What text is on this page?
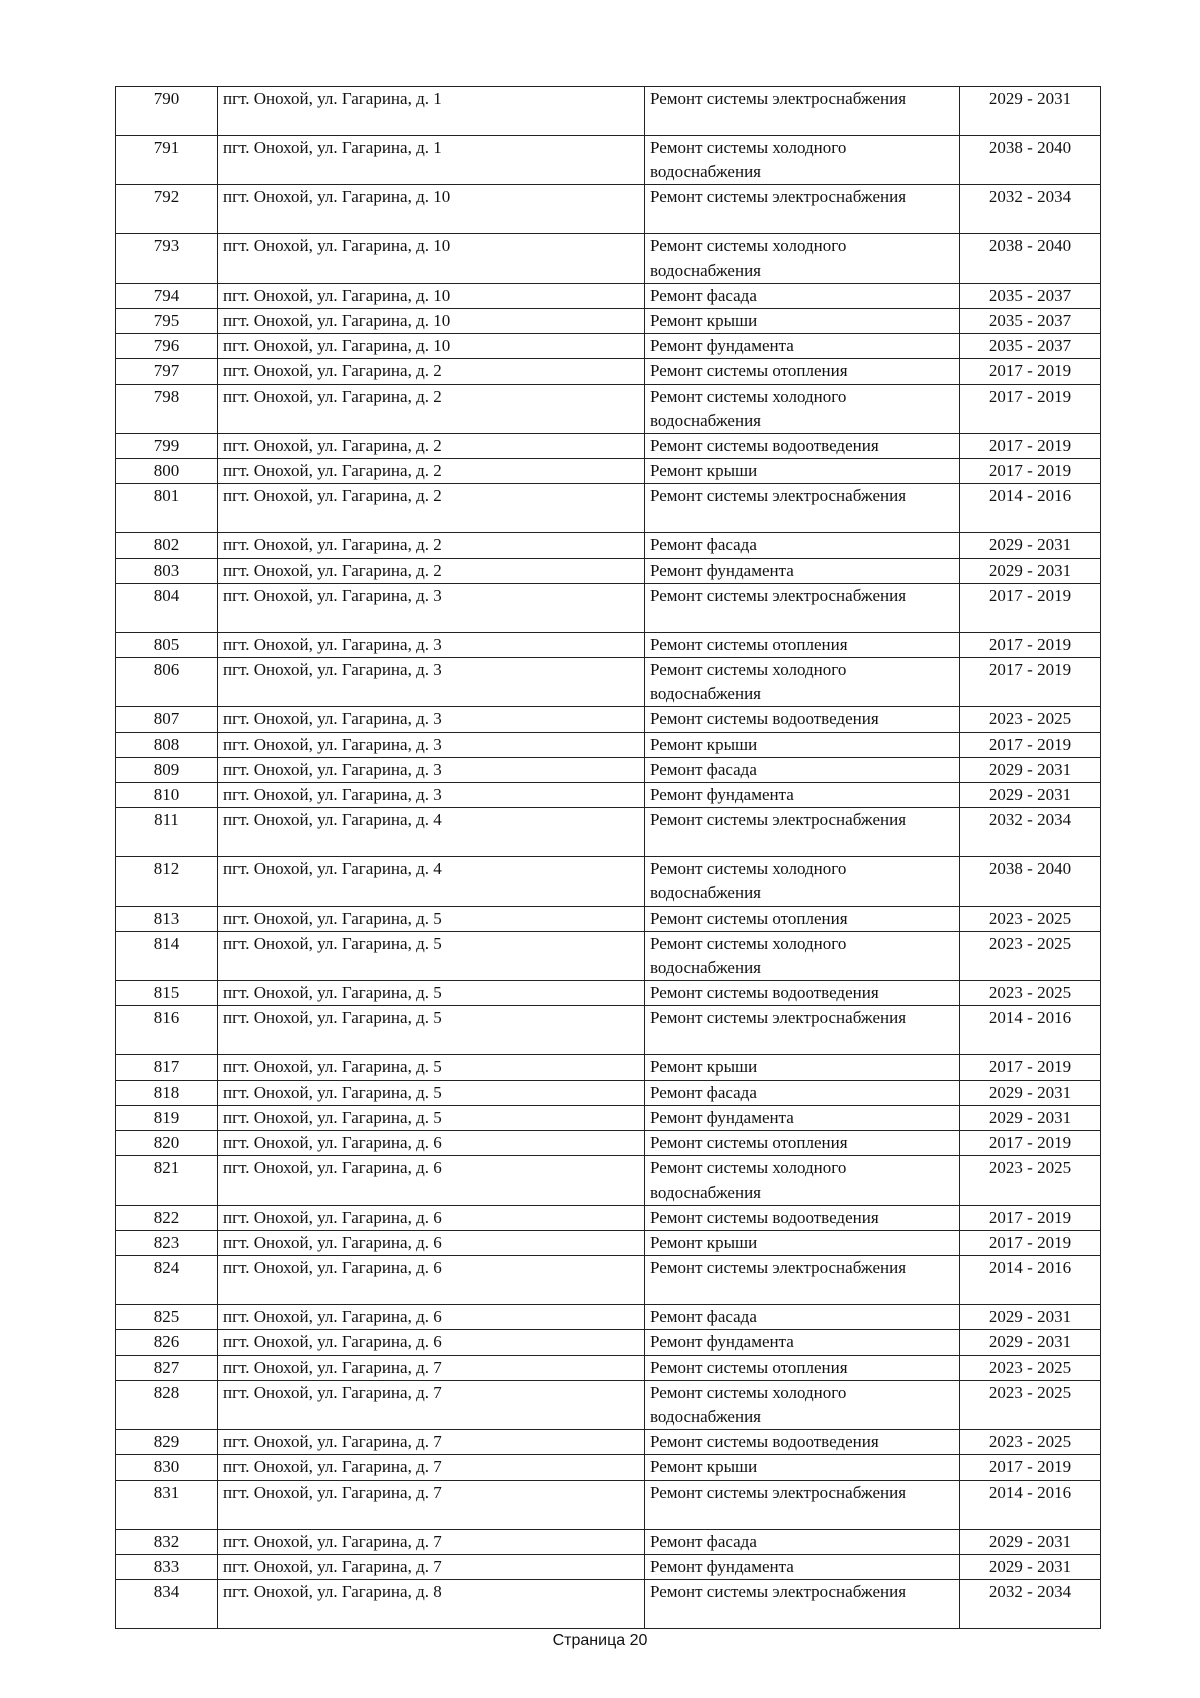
790	пгт. Онохой, ул. Гагарина, д. 1	Ремонт системы электроснабжения	2029 - 2031
791	пгт. Онохой, ул. Гагарина, д. 1	Ремонт системы холодного водоснабжения	2038 - 2040
792	пгт. Онохой, ул. Гагарина, д. 10	Ремонт системы электроснабжения	2032 - 2034
793	пгт. Онохой, ул. Гагарина, д. 10	Ремонт системы холодного водоснабжения	2038 - 2040
794	пгт. Онохой, ул. Гагарина, д. 10	Ремонт фасада	2035 - 2037
795	пгт. Онохой, ул. Гагарина, д. 10	Ремонт крыши	2035 - 2037
796	пгт. Онохой, ул. Гагарина, д. 10	Ремонт фундамента	2035 - 2037
797	пгт. Онохой, ул. Гагарина, д. 2	Ремонт системы отопления	2017 - 2019
798	пгт. Онохой, ул. Гагарина, д. 2	Ремонт системы холодного водоснабжения	2017 - 2019
799	пгт. Онохой, ул. Гагарина, д. 2	Ремонт системы водоотведения	2017 - 2019
800	пгт. Онохой, ул. Гагарина, д. 2	Ремонт крыши	2017 - 2019
801	пгт. Онохой, ул. Гагарина, д. 2	Ремонт системы электроснабжения	2014 - 2016
802	пгт. Онохой, ул. Гагарина, д. 2	Ремонт фасада	2029 - 2031
803	пгт. Онохой, ул. Гагарина, д. 2	Ремонт фундамента	2029 - 2031
804	пгт. Онохой, ул. Гагарина, д. 3	Ремонт системы электроснабжения	2017 - 2019
805	пгт. Онохой, ул. Гагарина, д. 3	Ремонт системы отопления	2017 - 2019
806	пгт. Онохой, ул. Гагарина, д. 3	Ремонт системы холодного водоснабжения	2017 - 2019
807	пгт. Онохой, ул. Гагарина, д. 3	Ремонт системы водоотведения	2023 - 2025
808	пгт. Онохой, ул. Гагарина, д. 3	Ремонт крыши	2017 - 2019
809	пгт. Онохой, ул. Гагарина, д. 3	Ремонт фасада	2029 - 2031
810	пгт. Онохой, ул. Гагарина, д. 3	Ремонт фундамента	2029 - 2031
811	пгт. Онохой, ул. Гагарина, д. 4	Ремонт системы электроснабжения	2032 - 2034
812	пгт. Онохой, ул. Гагарина, д. 4	Ремонт системы холодного водоснабжения	2038 - 2040
813	пгт. Онохой, ул. Гагарина, д. 5	Ремонт системы отопления	2023 - 2025
814	пгт. Онохой, ул. Гагарина, д. 5	Ремонт системы холодного водоснабжения	2023 - 2025
815	пгт. Онохой, ул. Гагарина, д. 5	Ремонт системы водоотведения	2023 - 2025
816	пгт. Онохой, ул. Гагарина, д. 5	Ремонт системы электроснабжения	2014 - 2016
817	пгт. Онохой, ул. Гагарина, д. 5	Ремонт крыши	2017 - 2019
818	пгт. Онохой, ул. Гагарина, д. 5	Ремонт фасада	2029 - 2031
819	пгт. Онохой, ул. Гагарина, д. 5	Ремонт фундамента	2029 - 2031
820	пгт. Онохой, ул. Гагарина, д. 6	Ремонт системы отопления	2017 - 2019
821	пгт. Онохой, ул. Гагарина, д. 6	Ремонт системы холодного водоснабжения	2023 - 2025
822	пгт. Онохой, ул. Гагарина, д. 6	Ремонт системы водоотведения	2017 - 2019
823	пгт. Онохой, ул. Гагарина, д. 6	Ремонт крыши	2017 - 2019
824	пгт. Онохой, ул. Гагарина, д. 6	Ремонт системы электроснабжения	2014 - 2016
825	пгт. Онохой, ул. Гагарина, д. 6	Ремонт фасада	2029 - 2031
826	пгт. Онохой, ул. Гагарина, д. 6	Ремонт фундамента	2029 - 2031
827	пгт. Онохой, ул. Гагарина, д. 7	Ремонт системы отопления	2023 - 2025
828	пгт. Онохой, ул. Гагарина, д. 7	Ремонт системы холодного водоснабжения	2023 - 2025
829	пгт. Онохой, ул. Гагарина, д. 7	Ремонт системы водоотведения	2023 - 2025
830	пгт. Онохой, ул. Гагарина, д. 7	Ремонт крыши	2017 - 2019
831	пгт. Онохой, ул. Гагарина, д. 7	Ремонт системы электроснабжения	2014 - 2016
832	пгт. Онохой, ул. Гагарина, д. 7	Ремонт фасада	2029 - 2031
833	пгт. Онохой, ул. Гагарина, д. 7	Ремонт фундамента	2029 - 2031
834	пгт. Онохой, ул. Гагарина, д. 8	Ремонт системы электроснабжения	2032 - 2034
Страница 20
